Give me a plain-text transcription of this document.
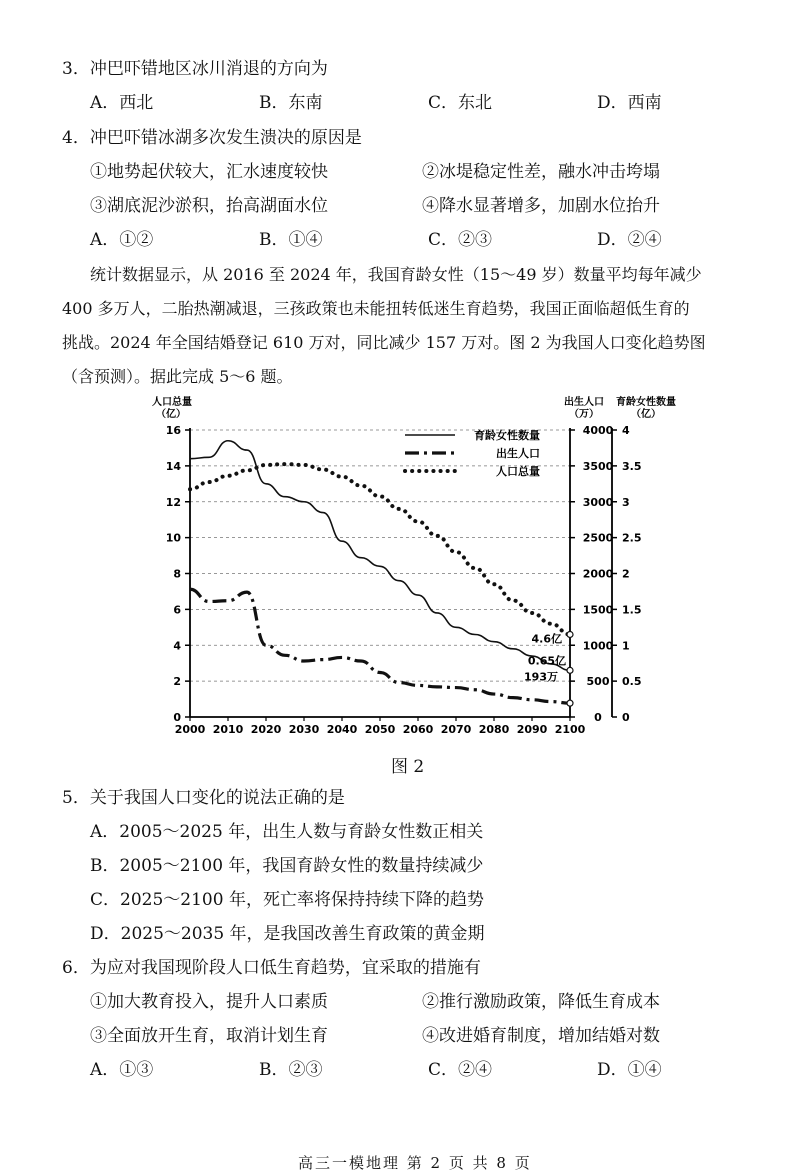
3．冲巴吓错地区冰川消退的方向为
A．西北	B．东南	C．东北	D．西南
4．冲巴吓错冰湖多次发生溃决的原因是
①地势起伏较大，汇水速度较快	②冰堤稳定性差，融水冲击垮塌
③湖底泥沙淤积，抬高湖面水位	④降水显著增多，加剧水位抬升
A．①②	B．①④	C．②③	D．②④
统计数据显示，从 2016 至 2024 年，我国育龄女性（15～49 岁）数量平均每年减少
400 多万人，二胎热潮减退，三孩政策也未能扭转低迷生育趋势，我国正面临超低生育的
挑战。2024 年全国结婚登记 610 万对，同比减少 157 万对。图 2 为我国人口变化趋势图
（含预测）。据此完成 5～6 题。
0
2
4
6
8
10
12
14
16
2000 2010 2020 2030 2040 2050 2060 2070 2080 2090 2100
0
500
1000
1500
2000
2500
3000
3500
4000
0
0.5
1
1.5
2
2.5
3
3.5
4
人口总量
（亿）
出生人口
（万）
育龄女性数量
（亿）
4.6亿
0.65亿
193万
育龄女性数量
出生人口
人口总量
图 2
5．关于我国人口变化的说法正确的是
A．2005～2025 年，出生人数与育龄女性数正相关
B．2005～2100 年，我国育龄女性的数量持续减少
C．2025～2100 年，死亡率将保持持续下降的趋势
D．2025～2035 年，是我国改善生育政策的黄金期
6．为应对我国现阶段人口低生育趋势，宜采取的措施有
①加大教育投入，提升人口素质	②推行激励政策，降低生育成本
③全面放开生育，取消计划生育	④改进婚育制度，增加结婚对数
A．①③	B．②③	C．②④	D．①④
高三一模地理 第 2 页 共 8 页
